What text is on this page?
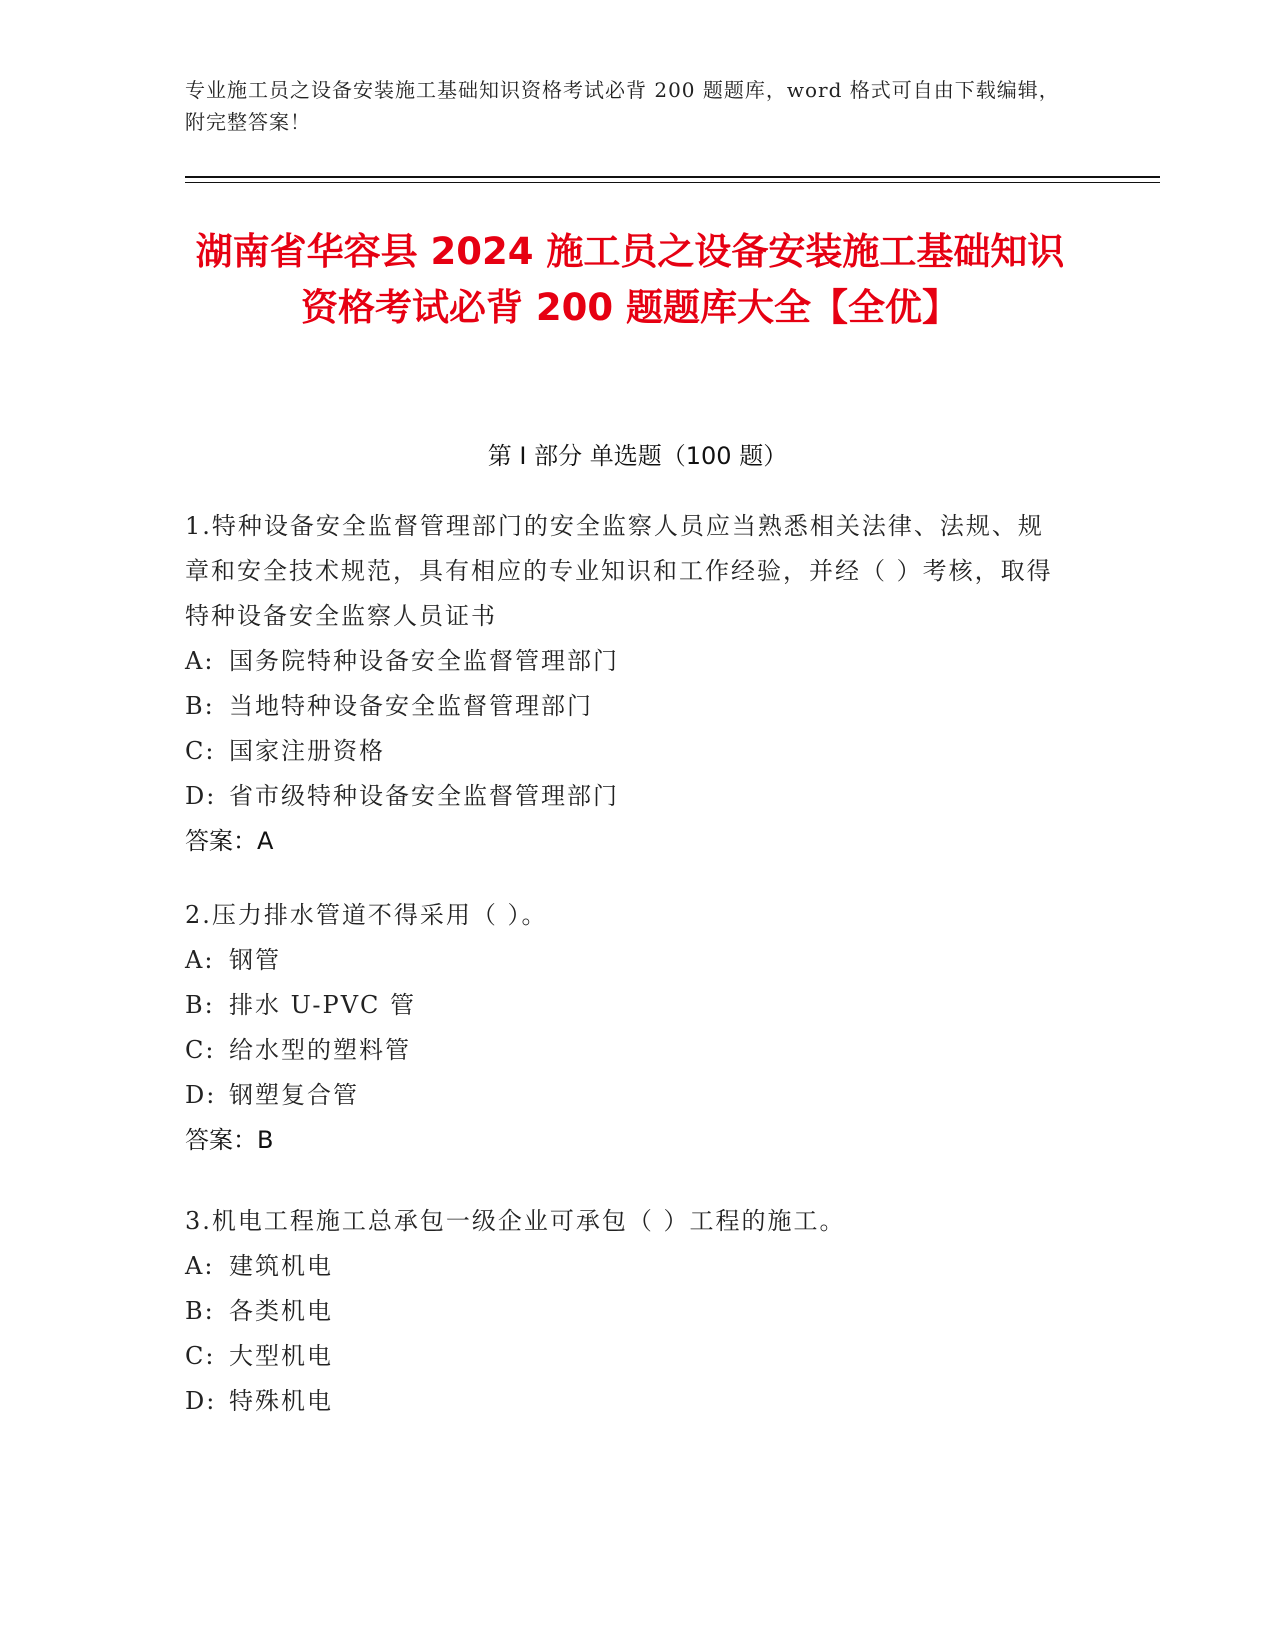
专业施工员之设备安装施工基础知识资格考试必背 200 题题库，word 格式可自由下载编辑，附完整答案！
湖南省华容县 2024 施工员之设备安装施工基础知识资格考试必背 200 题题库大全【全优】
第 I 部分 单选题（100 题）
1.特种设备安全监督管理部门的安全监察人员应当熟悉相关法律、法规、规章和安全技术规范，具有相应的专业知识和工作经验，并经（ ）考核，取得特种设备安全监察人员证书
A: 国务院特种设备安全监督管理部门
B: 当地特种设备安全监督管理部门
C: 国家注册资格
D: 省市级特种设备安全监督管理部门
答案：A
2.压力排水管道不得采用（ ）。
A: 钢管
B: 排水 U-PVC 管
C: 给水型的塑料管
D: 钢塑复合管
答案：B
3.机电工程施工总承包一级企业可承包（ ）工程的施工。
A: 建筑机电
B: 各类机电
C: 大型机电
D: 特殊机电
